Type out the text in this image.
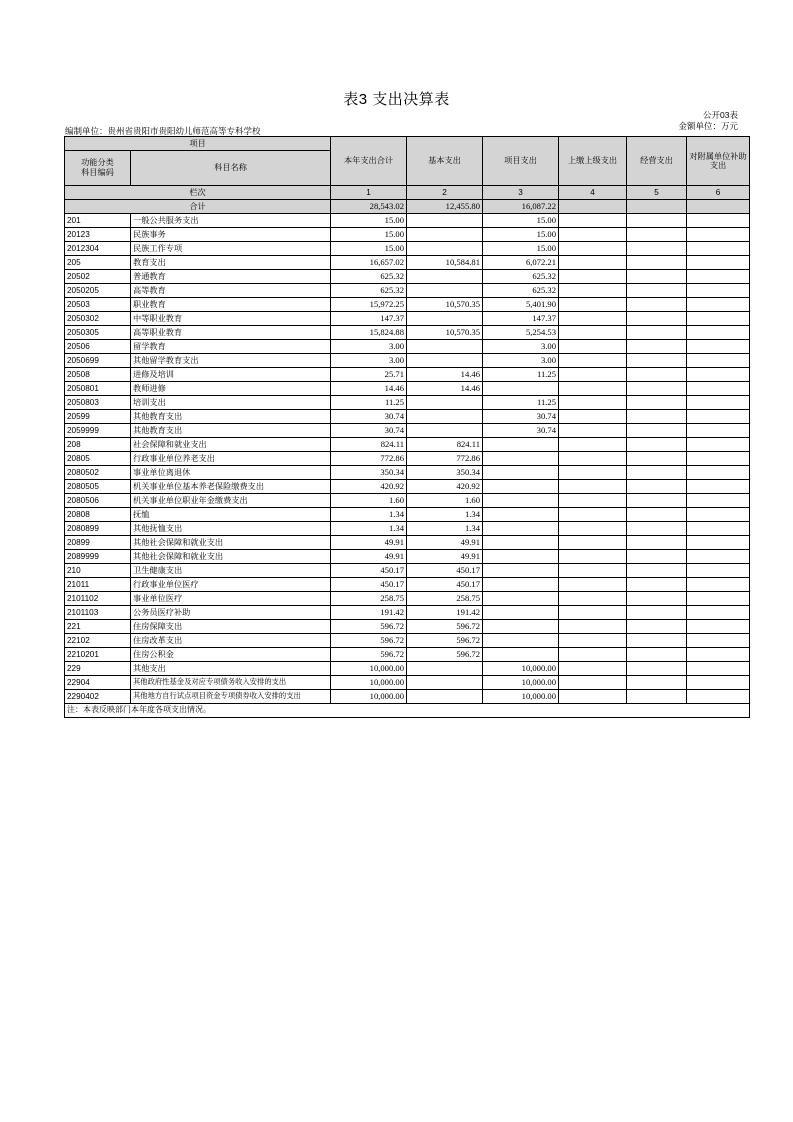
表3 支出决算表
公开03表
金额单位：万元
编制单位：贵州省贵阳市贵阳幼儿师范高等专科学校
项目		本年支出合计	基本支出	项目支出	上缴上级支出	经营支出	对附属单位补助支出
功能分类
科目编码	科目名称						
栏次		1	2	3	4	5	6
合计		28,543.02	12,455.80	16,087.22			
201	一般公共服务支出	15.00		15.00			
20123	民族事务	15.00		15.00			
2012304	民族工作专项	15.00		15.00			
205	教育支出	16,657.02	10,584.81	6,072.21			
20502	普通教育	625.32		625.32			
2050205	高等教育	625.32		625.32			
20503	职业教育	15,972.25	10,570.35	5,401.90			
2050302	中等职业教育	147.37		147.37			
2050305	高等职业教育	15,824.88	10,570.35	5,254.53			
20506	留学教育	3.00		3.00			
2050699	其他留学教育支出	3.00		3.00			
20508	进修及培训	25.71	14.46	11.25			
2050801	教师进修	14.46	14.46				
2050803	培训支出	11.25		11.25			
20599	其他教育支出	30.74		30.74			
2059999	其他教育支出	30.74		30.74			
208	社会保障和就业支出	824.11	824.11				
20805	行政事业单位养老支出	772.86	772.86				
2080502	事业单位离退休	350.34	350.34				
2080505	机关事业单位基本养老保险缴费支出	420.92	420.92				
2080506	机关事业单位职业年金缴费支出	1.60	1.60				
20808	抚恤	1.34	1.34				
2080899	其他抚恤支出	1.34	1.34				
20899	其他社会保障和就业支出	49.91	49.91				
2089999	其他社会保障和就业支出	49.91	49.91				
210	卫生健康支出	450.17	450.17				
21011	行政事业单位医疗	450.17	450.17				
2101102	事业单位医疗	258.75	258.75				
2101103	公务员医疗补助	191.42	191.42				
221	住房保障支出	596.72	596.72				
22102	住房改革支出	596.72	596.72				
2210201	住房公积金	596.72	596.72				
229	其他支出	10,000.00		10,000.00			
22904	其他政府性基金及对应专项债务收入安排的支出	10,000.00		10,000.00			
2290402	其他地方自行试点项目资金专项债券收入安排的支出	10,000.00		10,000.00			
注：本表反映部门本年度各项支出情况。							
